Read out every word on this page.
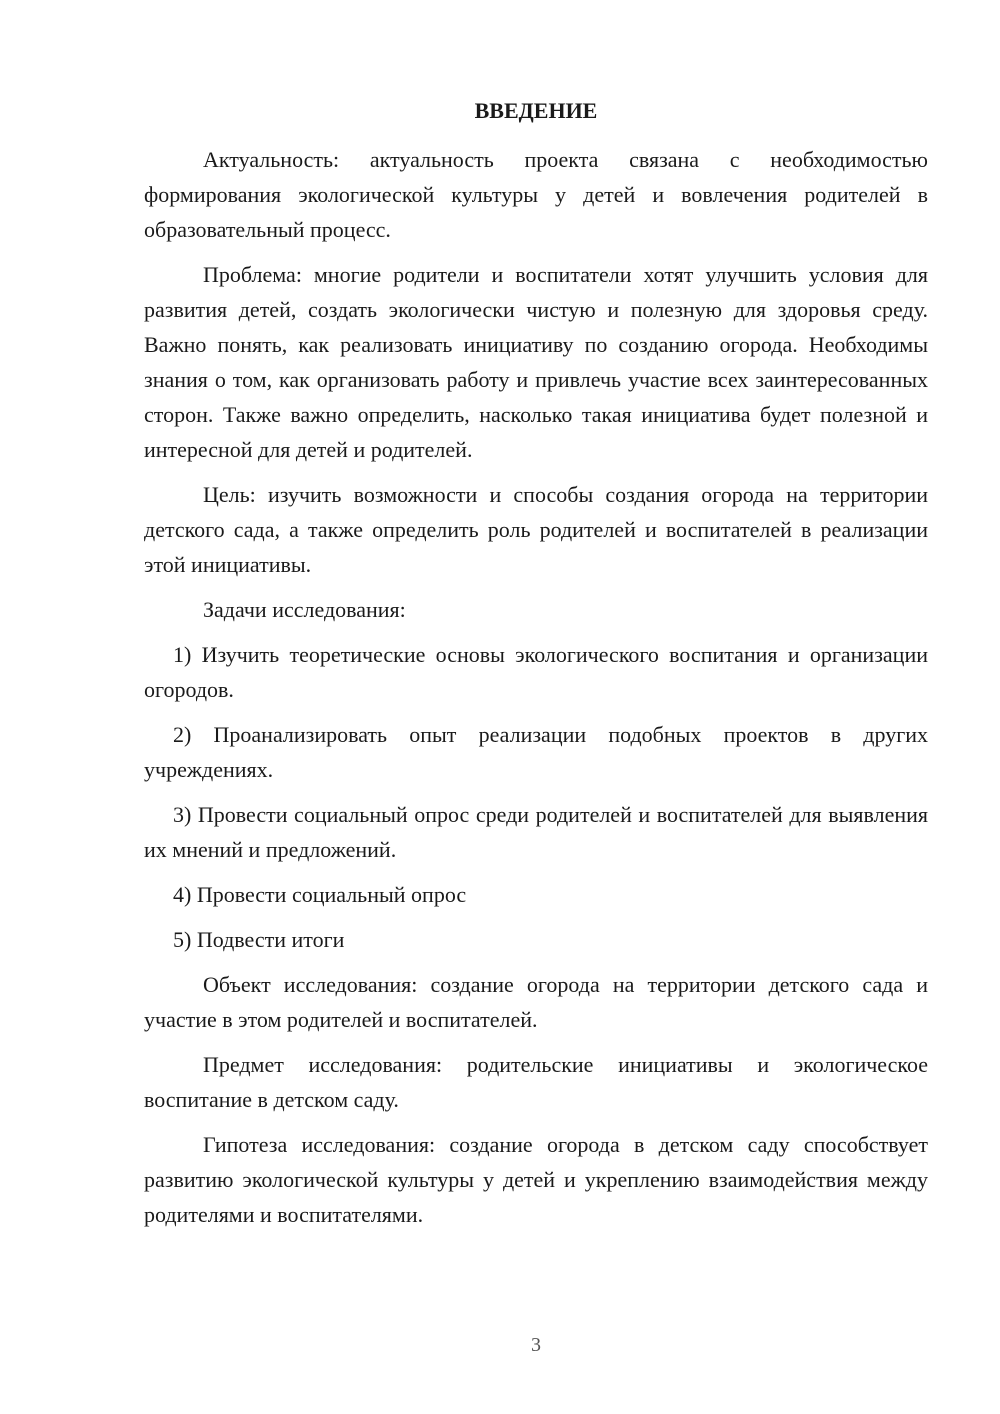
ВВЕДЕНИЕ

Актуальность: актуальность проекта связана с необходимостью формирования экологической культуры у детей и вовлечения родителей в образовательный процесс.

Проблема: многие родители и воспитатели хотят улучшить условия для развития детей, создать экологически чистую и полезную для здоровья среду. Важно понять, как реализовать инициативу по созданию огорода. Необходимы знания о том, как организовать работу и привлечь участие всех заинтересованных сторон. Также важно определить, насколько такая инициатива будет полезной и интересной для детей и родителей.

Цель: изучить возможности и способы создания огорода на территории детского сада, а также определить роль родителей и воспитателей в реализации этой инициативы.

Задачи исследования:

1) Изучить теоретические основы экологического воспитания и организации огородов.

2) Проанализировать опыт реализации подобных проектов в других учреждениях.

3) Провести социальный опрос среди родителей и воспитателей для выявления их мнений и предложений.

4) Провести социальный опрос

5) Подвести итоги

Объект исследования: создание огорода на территории детского сада и участие в этом родителей и воспитателей.

Предмет исследования: родительские инициативы и экологическое воспитание в детском саду.

Гипотеза исследования: создание огорода в детском саду способствует развитию экологической культуры у детей и укреплению взаимодействия между родителями и воспитателями.

3
